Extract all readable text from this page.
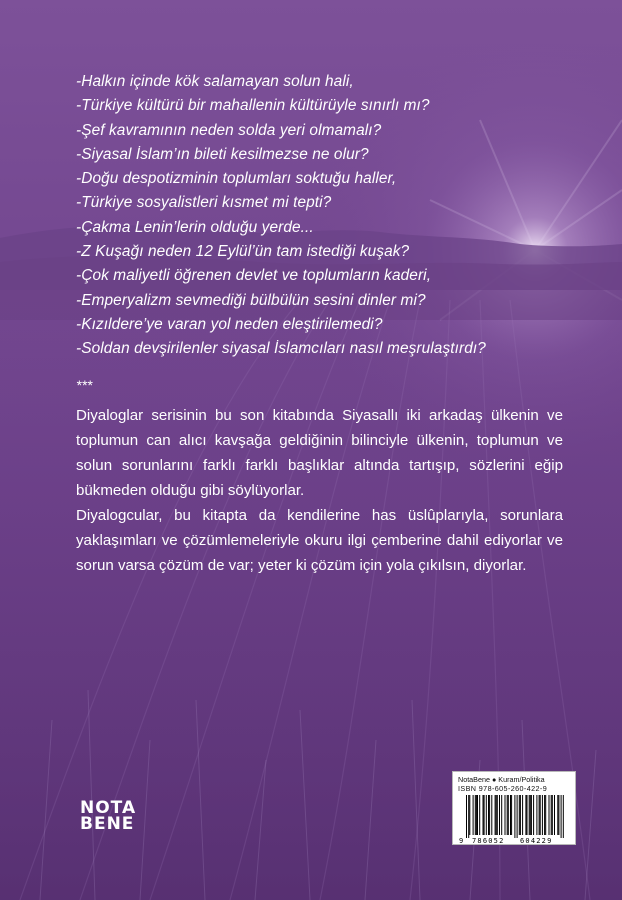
-Halkın içinde kök salamayan solun hali,
-Türkiye kültürü bir mahallenin kültürüyle sınırlı mı?
-Şef kavramının neden solda yeri olmamalı?
-Siyasal İslam’ın bileti kesilmezse ne olur?
-Doğu despotizminin toplumları soktuğu haller,
-Türkiye sosyalistleri kısmet mi tepti?
-Çakma Lenin’lerin olduğu yerde...
-Z Kuşağı neden 12 Eylül’ün tam istediği kuşak?
-Çok maliyetli öğrenen devlet ve toplumların kaderi,
-Emperyalizm sevmediği bülbülün sesini dinler mi?
-Kızıldere’ye varan yol neden eleştirilemedi?
-Soldan devşirilenler siyasal İslamcıları nasıl meşrulaştırdı?
***

Diyaloglar serisinin bu son kitabında Siyasallı iki arkadaş ülkenin ve toplumun can alıcı kavşağa geldiğinin bilinciyle ülkenin, toplumun ve solun sorunlarını farklı farklı başlıklar altında tartışıp, sözlerini eğip bükmeden olduğu gibi söylüyorlar.

Diyalogcular, bu kitapta da kendilerine has üslûplarıyla, sorunlara yaklaşımları ve çözümlemeleriyle okuru ilgi çemberine dahil ediyorlar ve sorun varsa çözüm de var; yeter ki çözüm için yola çıkılsın, diyorlar.

NOTA
BENE
NotaBene ● Kuram/Politika
ISBN 978-605-260-422-9
9 786052 604229
